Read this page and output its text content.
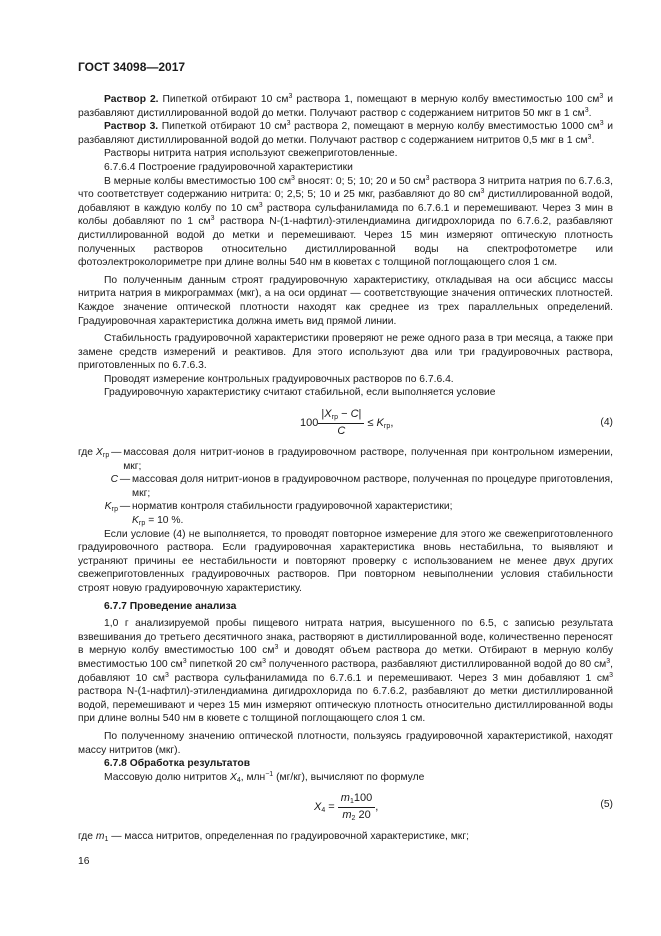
ГОСТ 34098—2017

Раствор 2. Пипеткой отбирают 10 $см^3$ раствора 1, помещают в мерную колбу вместимостью 100 $см^3$ и разбавляют дистиллированной водой до метки. Получают раствор с содержанием нитритов 50 мкг в 1 $см^3$.

Раствор 3. Пипеткой отбирают 10 $см^3$ раствора 2, помещают в мерную колбу вместимостью 1000 $см^3$ и разбавляют дистиллированной водой до метки. Получают раствор с содержанием нитритов 0,5 мкг в 1 $см^3$.

Растворы нитрита натрия используют свежеприготовленные.

6.7.6.4 Построение градуировочной характеристики

В мерные колбы вместимостью 100 $см^3$ вносят: 0; 5; 10; 20 и 50 $см^3$ раствора 3 нитрита натрия по 6.7.6.3, что соответствует содержанию нитрита: 0; 2,5; 5; 10 и 25 мкг, разбавляют до 80 $см^3$ дистиллированной водой, добавляют в каждую колбу по 10 $см^3$ раствора сульфаниламида по 6.7.6.1 и перемешивают. Через 3 мин в колбы добавляют по 1 $см^3$ раствора N-(1-нафтил)-этилендиамина дигидрохлорида по 6.7.6.2, разбавляют дистиллированной водой до метки и перемешивают. Через 15 мин измеряют оптическую плотность полученных растворов относительно дистиллированной воды на спектрофотометре или фотоэлектроколориметре при длине волны 540 нм в кюветах с толщиной поглощающего слоя 1 см.

По полученным данным строят градуировочную характеристику, откладывая на оси абсцисс массы нитрита натрия в микрограммах (мкг), а на оси ординат — соответствующие значения оптических плотностей. Каждое значение оптической плотности находят как среднее из трех параллельных определений. Градуировочная характеристика должна иметь вид прямой линии.

Стабильность градуировочной характеристики проверяют не реже одного раза в три месяца, а также при замене средств измерений и реактивов. Для этого используют два или три градуировочных раствора, приготовленных по 6.7.6.3.

Проводят измерение контрольных градуировочных растворов по 6.7.6.4.

Градуировочную характеристику считают стабильной, если выполняется условие

$100 \frac{|X_{гр} - C|}{C} \le K_{гр}$,	(4)
где $X_{гр}$ — массовая доля нитрит-ионов в градуировочном растворе, полученная при контрольном измерении, мкг;
C — массовая доля нитрит-ионов в градуировочном растворе, полученная по процедуре приготовления, мкг;
$K_{гр}$ — норматив контроля стабильности градуировочной характеристики;
$K_{гр} = 10$ %.

Если условие (4) не выполняется, то проводят повторное измерение для этого же свежеприготовленного градуировочного раствора. Если градуировочная характеристика вновь нестабильна, то выявляют и устраняют причины ее нестабильности и повторяют проверку с использованием не менее двух других свежеприготовленных градуировочных растворов. При повторном невыполнении условия стабильности строят новую градуировочную характеристику.

6.7.7 Проведение анализа

1,0 г анализируемой пробы пищевого нитрата натрия, высушенного по 6.5, с записью результата взвешивания до третьего десятичного знака, растворяют в дистиллированной воде, количественно переносят в мерную колбу вместимостью 100 $см^3$ и доводят объем раствора до метки. Отбирают в мерную колбу вместимостью 100 $см^3$ пипеткой 20 $см^3$ полученного раствора, разбавляют дистиллированной водой до 80 $см^3$, добавляют 10 $см^3$ раствора сульфаниламида по 6.7.6.1 и перемешивают. Через 3 мин добавляют 1 $см^3$ раствора N-(1-нафтил)-этилендиамина дигидрохлорида по 6.7.6.2, разбавляют до метки дистиллированной водой, перемешивают и через 15 мин измеряют оптическую плотность относительно дистиллированной воды при длине волны 540 нм в кювете с толщиной поглощающего слоя 1 см.

По полученному значению оптической плотности, пользуясь градуировочной характеристикой, находят массу нитритов (мкг).

6.7.8 Обработка результатов

Массовую долю нитритов $X_4$, млн$^{-1}$ (мг/кг), вычисляют по формуле

$X_4 = \frac{m_1100}{m_2 20}$ ,	(5)

где $m_1$ — масса нитритов, определенная по градуировочной характеристике, мкг;

16
